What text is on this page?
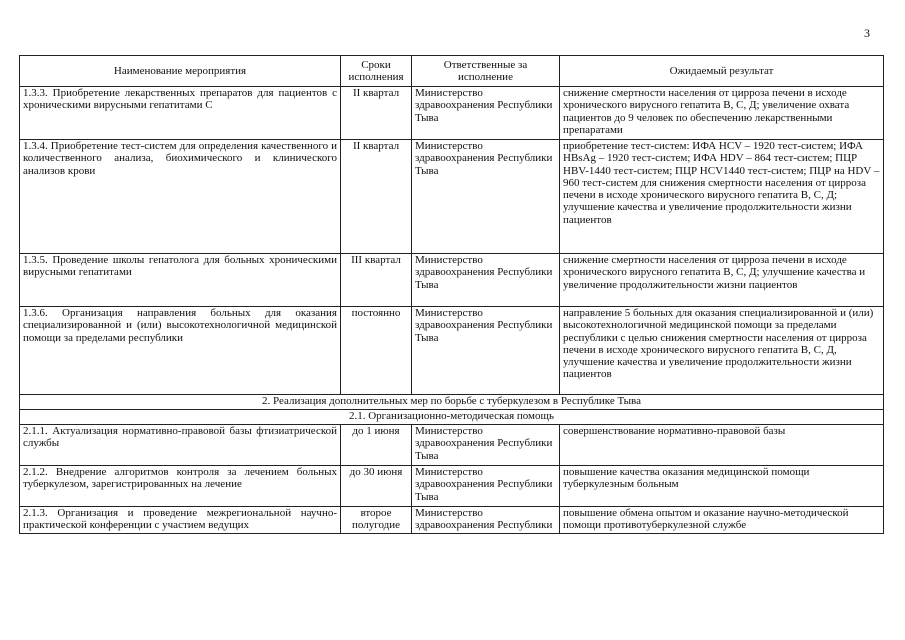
3
Наименование мероприятия	Сроки исполнения	Ответственные за исполнение	Ожидаемый результат
1.3.3. Приобретение лекарственных препаратов для пациентов с хроническими вирусными гепатитами С	II квартал	Министерство здравоохранения Республики Тыва	снижение смертности населения от цирроза печени в исходе хронического вирусного гепатита В, С, Д; увеличение охвата пациентов до 9 человек по обеспечению лекарственными препаратами
1.3.4. Приобретение тест-систем для определения качественного и количественного анализа, биохимического и клинического анализов крови	II квартал	Министерство здравоохранения Республики Тыва	приобретение тест-систем: ИФА HCV – 1920 тест-систем; ИФА HBsAg – 1920 тест-систем; ИФА HDV – 864 тест-систем; ПЦР HBV-1440 тест-систем; ПЦР HCV1440 тест-систем; ПЦР на HDV – 960 тест-систем для снижения смертности населения от цирроза печени в исходе хронического вирусного гепатита В, С, Д; улучшение качества и увеличение продолжительности жизни пациентов
1.3.5. Проведение школы гепатолога для больных хроническими вирусными гепатитами	III квартал	Министерство здравоохранения Республики Тыва	снижение смертности населения от цирроза печени в исходе хронического вирусного гепатита В, С, Д; улучшение качества и увеличение продолжительности жизни пациентов
1.3.6. Организация направления больных для оказания специализированной и (или) высокотехнологичной медицинской помощи за пределами республики	постоянно	Министерство здравоохранения Республики Тыва	направление 5 больных для оказания специализированной и (или) высокотехнологичной медицинской помощи за пределами республики с целью снижения смертности населения от цирроза печени в исходе хронического вирусного гепатита В, С, Д, улучшение качества и увеличение продолжительности жизни пациентов
2. Реализация дополнительных мер по борьбе с туберкулезом в Республике Тыва			
2.1. Организационно-методическая помощь			
2.1.1. Актуализация нормативно-правовой базы фтизиатрической службы	до 1 июня	Министерство здравоохранения Республики Тыва	совершенствование нормативно-правовой базы
2.1.2. Внедрение алгоритмов контроля за лечением больных туберкулезом, зарегистрированных на лечение	до 30 июня	Министерство здравоохранения Республики Тыва	повышение качества оказания медицинской помощи туберкулезным больным
2.1.3. Организация и проведение межрегиональной научно-практической конференции с участием ведущих	второе полугодие	Министерство здравоохранения Республики	повышение обмена опытом и оказание научно-методической помощи противотуберкулезной службе
